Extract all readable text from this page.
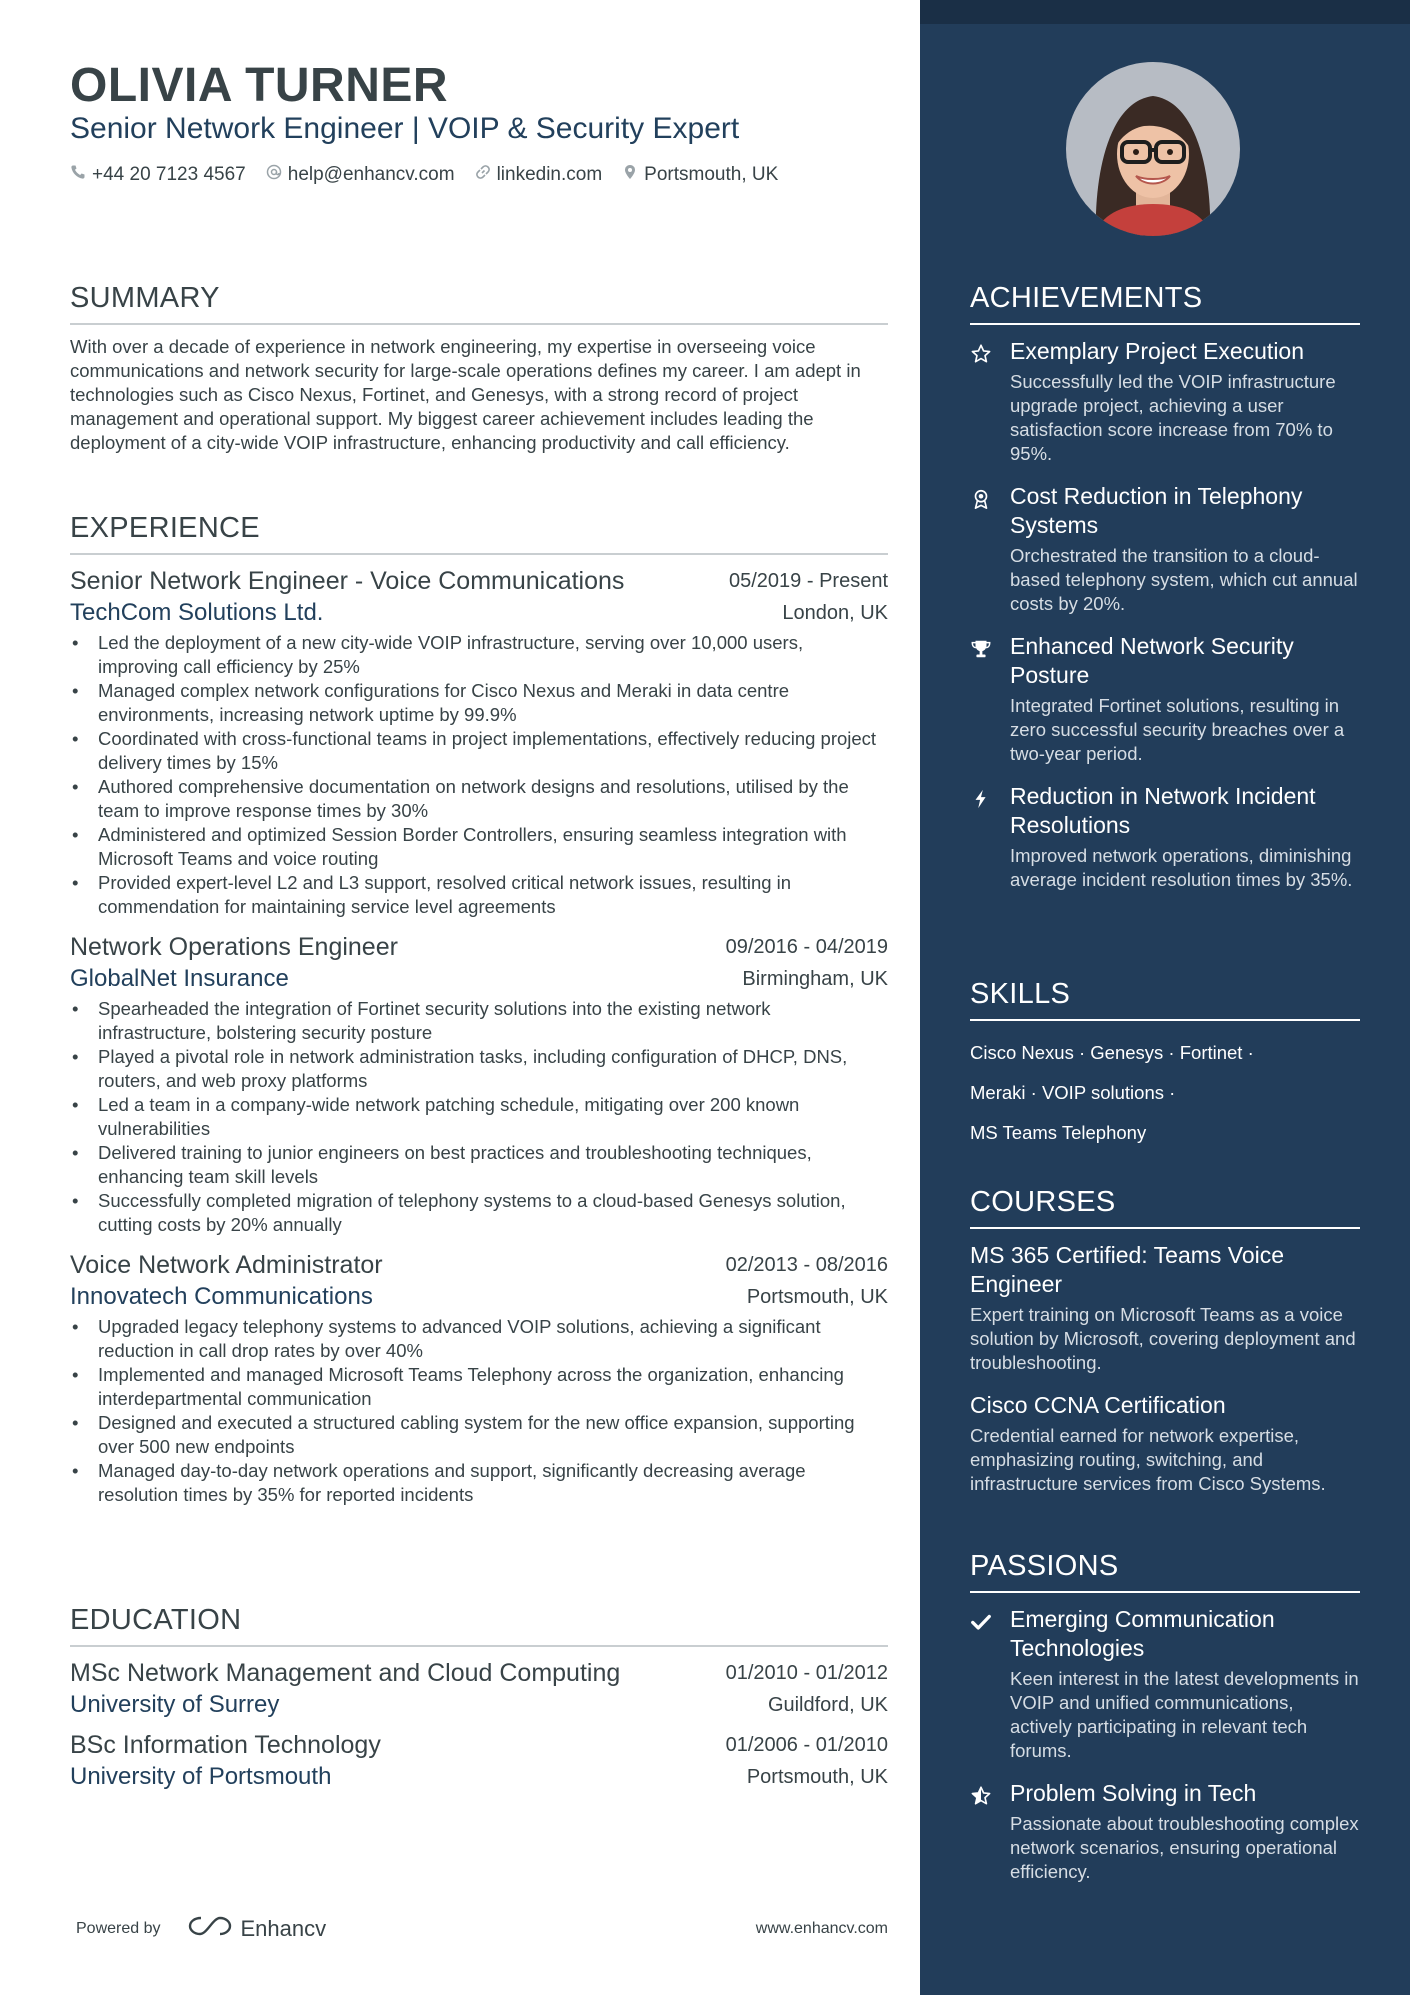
OLIVIA TURNER
Senior Network Engineer | VOIP & Security Expert
+44 20 7123 4567 help@enhancv.com linkedin.com Portsmouth, UK
SUMMARY

With over a decade of experience in network engineering, my expertise in overseeing voice communications and network security for large-scale operations defines my career. I am adept in technologies such as Cisco Nexus, Fortinet, and Genesys, with a strong record of project management and operational support. My biggest career achievement includes leading the deployment of a city-wide VOIP infrastructure, enhancing productivity and call efficiency.

EXPERIENCE
Senior Network Engineer - Voice Communications	05/2019 - Present
TechCom Solutions Ltd.	London, UK
• Led the deployment of a new city-wide VOIP infrastructure, serving over 10,000 users, improving call efficiency by 25%
• Managed complex network configurations for Cisco Nexus and Meraki in data centre environments, increasing network uptime by 99.9%
• Coordinated with cross-functional teams in project implementations, effectively reducing project delivery times by 15%
• Authored comprehensive documentation on network designs and resolutions, utilised by the team to improve response times by 30%
• Administered and optimized Session Border Controllers, ensuring seamless integration with Microsoft Teams and voice routing
• Provided expert-level L2 and L3 support, resolved critical network issues, resulting in commendation for maintaining service level agreements
Network Operations Engineer	09/2016 - 04/2019
GlobalNet Insurance	Birmingham, UK
• Spearheaded the integration of Fortinet security solutions into the existing network infrastructure, bolstering security posture
• Played a pivotal role in network administration tasks, including configuration of DHCP, DNS, routers, and web proxy platforms
• Led a team in a company-wide network patching schedule, mitigating over 200 known vulnerabilities
• Delivered training to junior engineers on best practices and troubleshooting techniques, enhancing team skill levels
• Successfully completed migration of telephony systems to a cloud-based Genesys solution, cutting costs by 20% annually
Voice Network Administrator	02/2013 - 08/2016
Innovatech Communications	Portsmouth, UK
• Upgraded legacy telephony systems to advanced VOIP solutions, achieving a significant reduction in call drop rates by over 40%
• Implemented and managed Microsoft Teams Telephony across the organization, enhancing interdepartmental communication
• Designed and executed a structured cabling system for the new office expansion, supporting over 500 new endpoints
• Managed day-to-day network operations and support, significantly decreasing average resolution times by 35% for reported incidents
EDUCATION
MSc Network Management and Cloud Computing	01/2010 - 01/2012
University of Surrey	Guildford, UK
BSc Information Technology	01/2006 - 01/2010
University of Portsmouth	Portsmouth, UK
Powered by	Enhancv	www.enhancv.com
ACHIEVEMENTS
Exemplary Project Execution
Successfully led the VOIP infrastructure upgrade project, achieving a user satisfaction score increase from 70% to 95%.
Cost Reduction in Telephony Systems
Orchestrated the transition to a cloud-based telephony system, which cut annual costs by 20%.
Enhanced Network Security Posture
Integrated Fortinet solutions, resulting in zero successful security breaches over a two-year period.
Reduction in Network Incident Resolutions
Improved network operations, diminishing average incident resolution times by 35%.
SKILLS
Cisco Nexus · Genesys · Fortinet ·
Meraki · VOIP solutions ·
MS Teams Telephony
COURSES
MS 365 Certified: Teams Voice Engineer
Expert training on Microsoft Teams as a voice solution by Microsoft, covering deployment and troubleshooting.
Cisco CCNA Certification
Credential earned for network expertise, emphasizing routing, switching, and infrastructure services from Cisco Systems.
PASSIONS
Emerging Communication Technologies
Keen interest in the latest developments in VOIP and unified communications, actively participating in relevant tech forums.
Problem Solving in Tech
Passionate about troubleshooting complex network scenarios, ensuring operational efficiency.
